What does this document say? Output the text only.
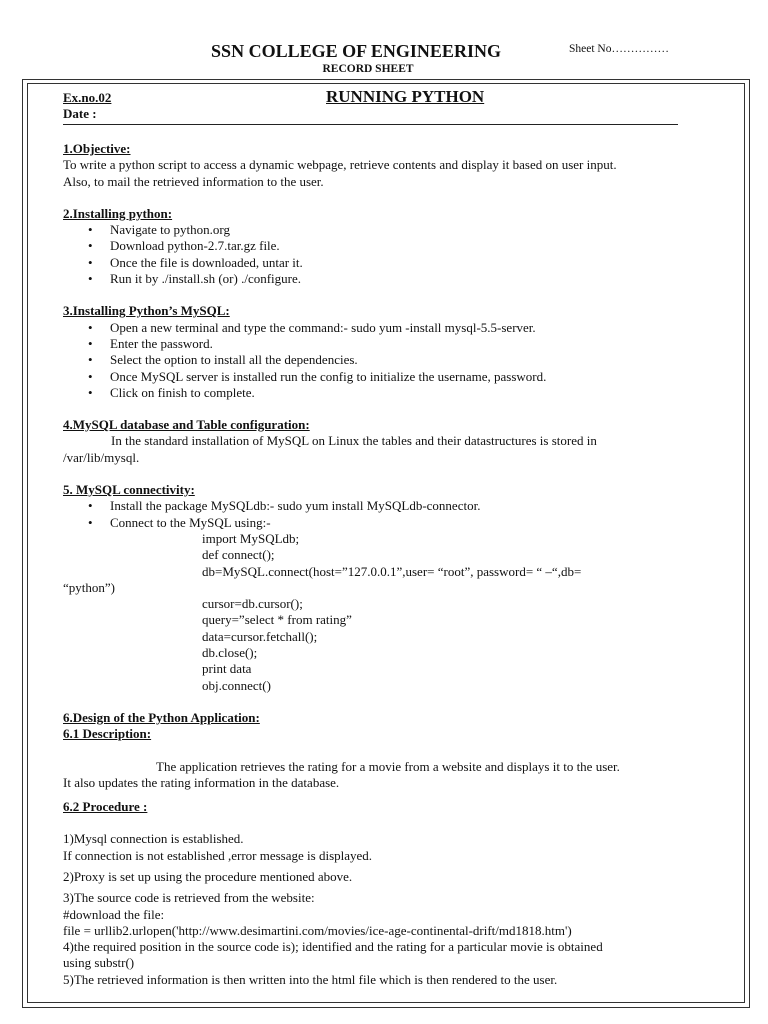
SSN COLLEGE OF ENGINEERING	Sheet No……………
RECORD SHEET
Ex.no.02
Date :
RUNNING PYTHON
1.Objective:

To write a python script to access a dynamic webpage, retrieve contents and display it based on user input.

Also, to mail the retrieved information to the user.

2.Installing python:
• Navigate to python.org
• Download python-2.7.tar.gz file.
• Once the file is downloaded, untar it.
• Run it by ./install.sh (or) ./configure.
3.Installing Python’s MySQL:
• Open a new terminal and type the command:- sudo yum -install mysql-5.5-server.
• Enter the password.
• Select the option to install all the dependencies.
• Once MySQL server is installed run the config to initialize the username, password.
• Click on finish to complete.
4.MySQL database and Table configuration:

In the standard installation of MySQL on Linux the tables and their datastructures is stored in

/var/lib/mysql.

5. MySQL connectivity:
• Install the package MySQLdb:- sudo yum install MySQLdb-connector.
• Connect to the MySQL using:-

import MySQLdb;

def connect();

db=MySQL.connect(host=”127.0.0.1”,user= “root”, password= “ –“,db=

“python”)

cursor=db.cursor();

query=”select * from rating”

data=cursor.fetchall();

db.close();

print data

obj.connect()

6.Design of the Python Application:
6.1 Description:

The application retrieves the rating for a movie from a website and displays it to the user.

It also updates the rating information in the database.

6.2 Procedure :

1)Mysql connection is established.

If connection is not established ,error message is displayed.

2)Proxy is set up using the procedure mentioned above.

3)The source code is retrieved from the website:

#download the file:

file = urllib2.urlopen('http://www.desimartini.com/movies/ice-age-continental-drift/md1818.htm')

4)the required position in the source code is); identified and the rating for a particular movie is obtained

using substr()

5)The retrieved information is then written into the html file which is then rendered to the user.
